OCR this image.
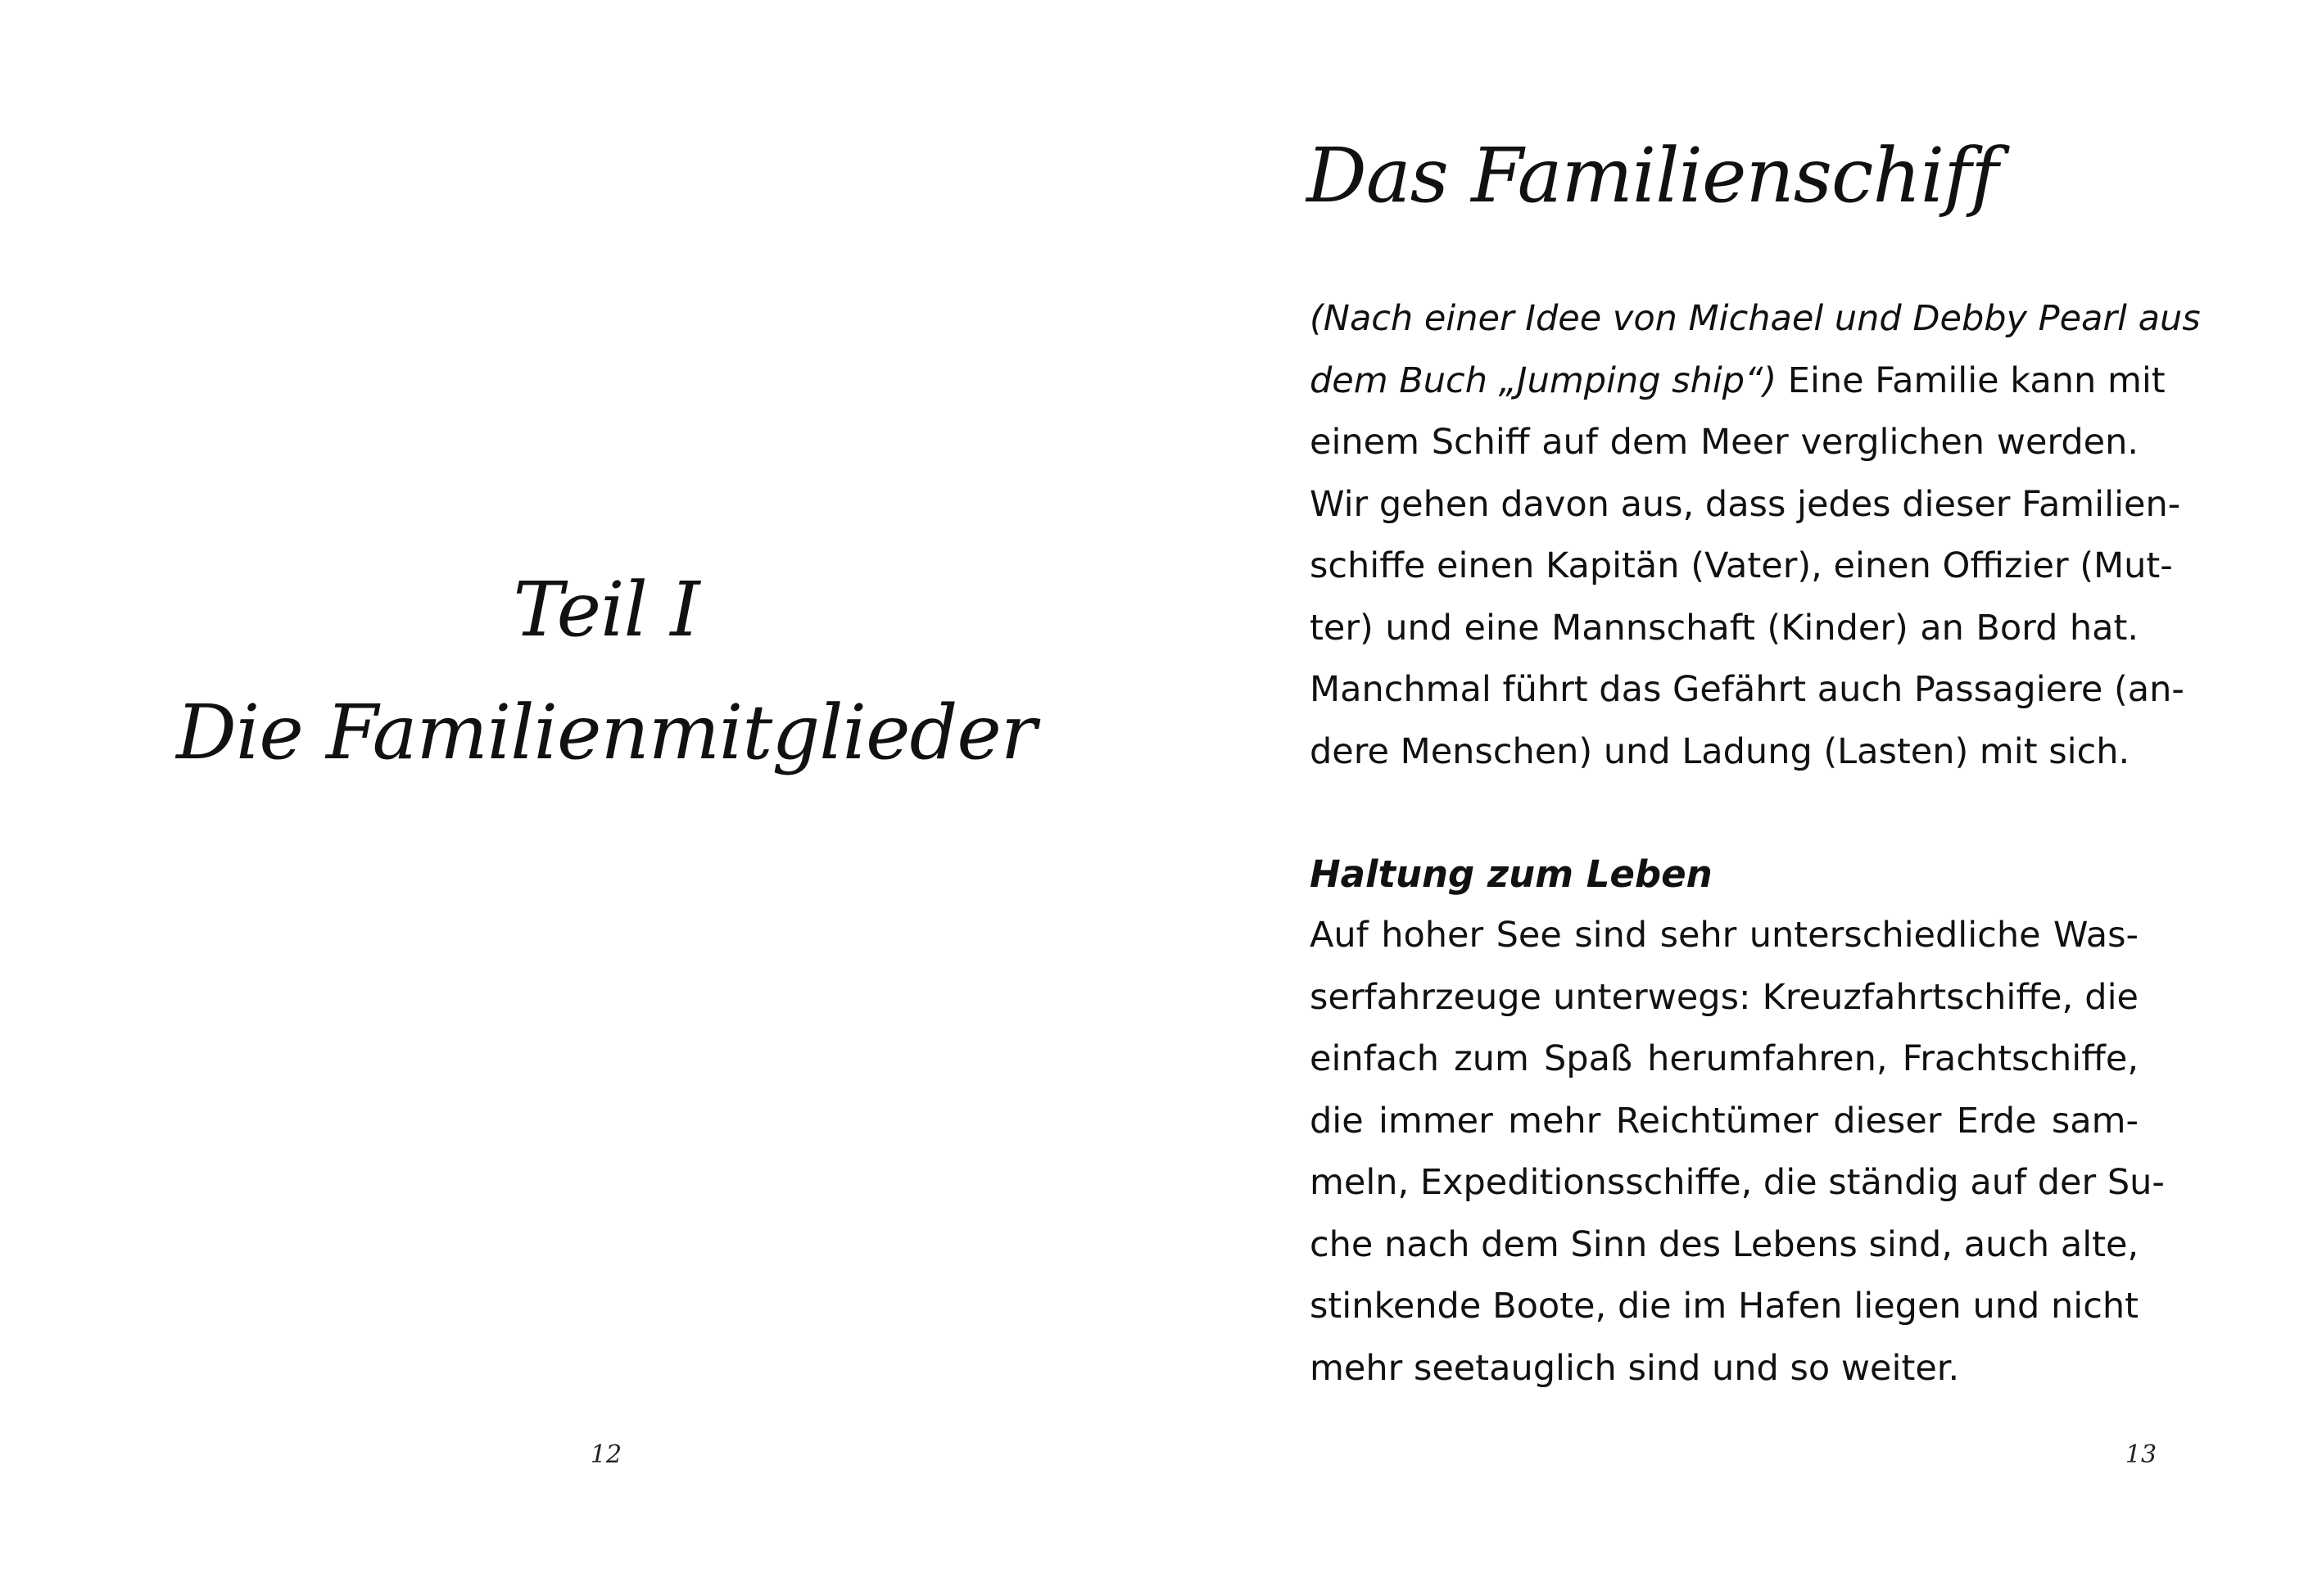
Teil I
Die Familienmitglieder
12
Das Familienschiff
(Nach einer Idee von Michael und Debby Pearl aus
dem Buch „Jumping ship“) Eine Familie kann mit
einem Schiff auf dem Meer verglichen werden.
Wir gehen davon aus, dass jedes dieser Familien-
schiffe einen Kapitän (Vater), einen Offizier (Mut-
ter) und eine Mannschaft (Kinder) an Bord hat.
Manchmal führt das Gefährt auch Passagiere (an-
dere Menschen) und Ladung (Lasten) mit sich.
Haltung zum Leben
Auf hoher See sind sehr unterschiedliche Was-
serfahrzeuge unterwegs: Kreuzfahrtschiffe, die
einfach zum Spaß herumfahren, Frachtschiffe,
die immer mehr Reichtümer dieser Erde sam-
meln, Expeditionsschiffe, die ständig auf der Su-
che nach dem Sinn des Lebens sind, auch alte,
stinkende Boote, die im Hafen liegen und nicht
mehr seetauglich sind und so weiter.
13
